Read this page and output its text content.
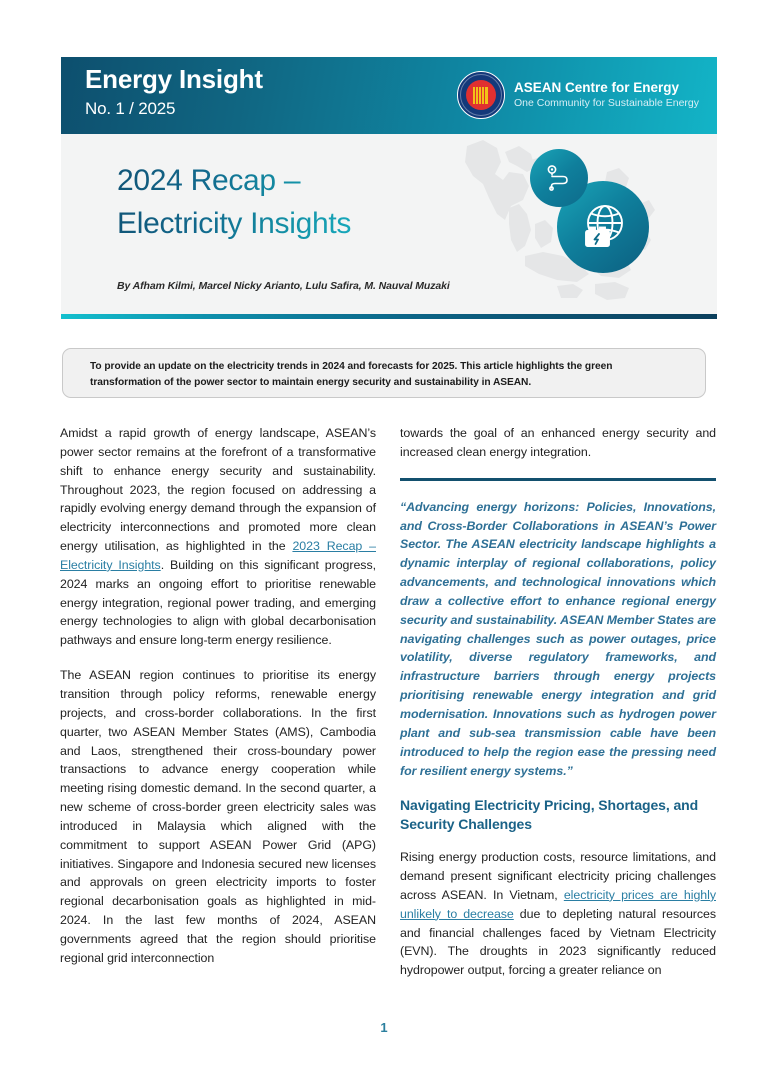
Energy Insight
No. 1 / 2025
ASEAN Centre for Energy
One Community for Sustainable Energy
2024 Recap –
Electricity Insights
By Afham Kilmi, Marcel Nicky Arianto, Lulu Safira, M. Nauval Muzaki
To provide an update on the electricity trends in 2024 and forecasts for 2025. This article highlights the green transformation of the power sector to maintain energy security and sustainability in ASEAN.

Amidst a rapid growth of energy landscape, ASEAN’s power sector remains at the forefront of a transformative shift to enhance energy security and sustainability. Throughout 2023, the region focused on addressing a rapidly evolving energy demand through the expansion of electricity interconnections and promoted more clean energy utilisation, as highlighted in the 2023 Recap – Electricity Insights. Building on this significant progress, 2024 marks an ongoing effort to prioritise renewable energy integration, regional power trading, and emerging energy technologies to align with global decarbonisation pathways and ensure long-term energy resilience.

The ASEAN region continues to prioritise its energy transition through policy reforms, renewable energy projects, and cross-border collaborations. In the first quarter, two ASEAN Member States (AMS), Cambodia and Laos, strengthened their cross-boundary power transactions to advance energy cooperation while meeting rising domestic demand. In the second quarter, a new scheme of cross-border green electricity sales was introduced in Malaysia which aligned with the commitment to support ASEAN Power Grid (APG) initiatives. Singapore and Indonesia secured new licenses and approvals on green electricity imports to foster regional decarbonisation goals as highlighted in mid-2024. In the last few months of 2024, ASEAN governments agreed that the region should prioritise regional grid interconnection

towards the goal of an enhanced energy security and increased clean energy integration.

“Advancing energy horizons: Policies, Innovations, and Cross-Border Collaborations in ASEAN’s Power Sector. The ASEAN electricity landscape highlights a dynamic interplay of regional collaborations, policy advancements, and technological innovations which draw a collective effort to enhance regional energy security and sustainability. ASEAN Member States are navigating challenges such as power outages, price volatility, diverse regulatory frameworks, and infrastructure barriers through energy projects prioritising renewable energy integration and grid modernisation. Innovations such as hydrogen power plant and sub-sea transmission cable have been introduced to help the region ease the pressing need for resilient energy systems.”

Navigating Electricity Pricing, Shortages, and Security Challenges

Rising energy production costs, resource limitations, and demand present significant electricity pricing challenges across ASEAN. In Vietnam, electricity prices are highly unlikely to decrease due to depleting natural resources and financial challenges faced by Vietnam Electricity (EVN). The droughts in 2023 significantly reduced hydropower output, forcing a greater reliance on

1
